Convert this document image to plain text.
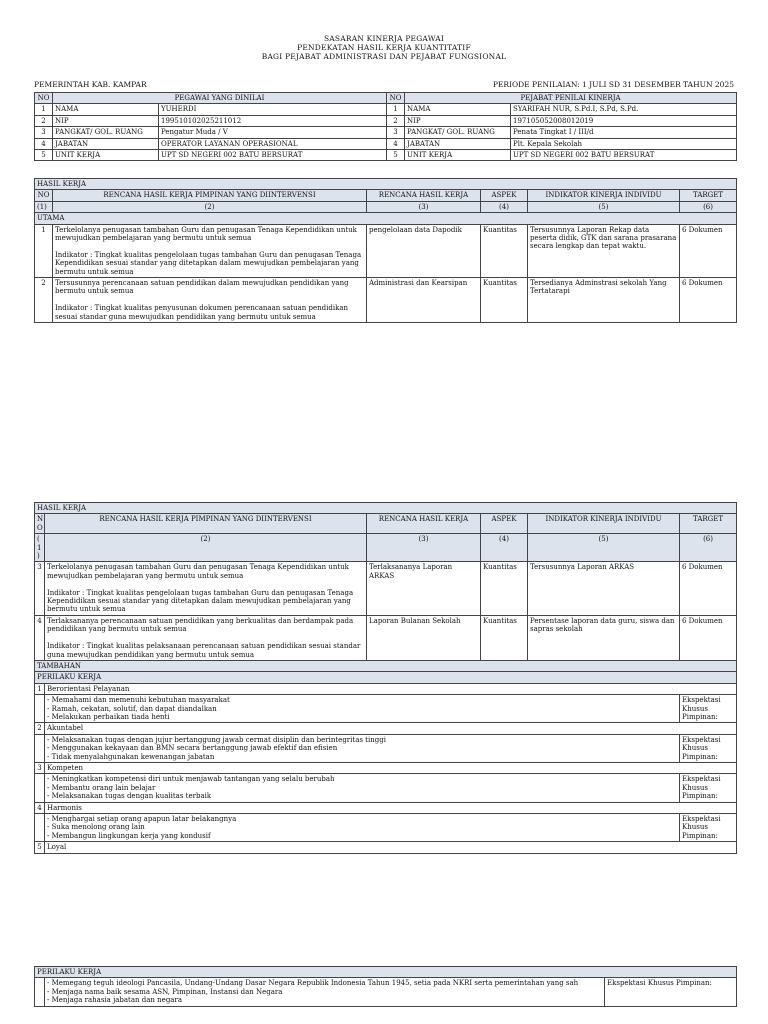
SASARAN KINERJA PEGAWAI
PENDEKATAN HASIL KERJA KUANTITATIF
BAGI PEJABAT ADMINISTRASI DAN PEJABAT FUNGSIONAL
PEMERINTAH KAB. KAMPAR	PERIODE PENILAIAN: 1 JULI SD 31 DESEMBER TAHUN 2025
NO	PEGAWAI YANG DINILAI		NO	PEJABAT PENILAI KINERJA	
1	NAMA	YUHERDI	1	NAMA	SYARIFAH NUR, S.Pd.I, S.Pd, S.Pd.
2	NIP	199510102025211012	2	NIP	197105052008012019
3	PANGKAT/ GOL. RUANG	Pengatur Muda / V	3	PANGKAT/ GOL. RUANG	Penata Tingkat I / III/d
4	JABATAN	OPERATOR LAYANAN OPERASIONAL	4	JABATAN	Plt. Kepala Sekolah
5	UNIT KERJA	UPT SD NEGERI 002 BATU BERSURAT	5	UNIT KERJA	UPT SD NEGERI 002 BATU BERSURAT
HASIL KERJA					
NO	RENCANA HASIL KERJA PIMPINAN YANG DIINTERVENSI	RENCANA HASIL KERJA	ASPEK	INDIKATOR KINERJA INDIVIDU	TARGET
(1)	(2)	(3)	(4)	(5)	(6)
UTAMA					
1	Terkelolanya penugasan tambahan Guru dan penugasan Tenaga Kependidikan untuk mewujudkan pembelajaran yang bermutu untuk semua

Indikator : Tingkat kualitas pengelolaan tugas tambahan Guru dan penugasan Tenaga Kependidikan sesuai standar yang ditetapkan dalam mewujudkan pembelajaran yang bermutu untuk semua	pengelolaan data Dapodik	Kuantitas	Tersusunnya Laporan Rekap data peserta didik, GTK dan sarana prasarana secara lengkap dan tepat waktu.	6 Dokumen
2	Tersusunnya perencanaan satuan pendidikan dalam mewujudkan pendidikan yang bermutu untuk semua

Indikator : Tingkat kualitas penyusunan dokumen perencanaan satuan pendidikan sesuai standar guna mewujudkan pendidikan yang bermutu untuk semua	Administrasi dan Kearsipan	Kuantitas	Tersedianya Adminstrasi sekolah Yang Tertatarapi	6 Dokumen
HASIL KERJA					
NO	RENCANA HASIL KERJA PIMPINAN YANG DIINTERVENSI	RENCANA HASIL KERJA	ASPEK	INDIKATOR KINERJA INDIVIDU	TARGET
(1)	(2)	(3)	(4)	(5)	(6)
3	Terkelolanya penugasan tambahan Guru dan penugasan Tenaga Kependidikan untuk mewujudkan pembelajaran yang bermutu untuk semua

Indikator : Tingkat kualitas pengelolaan tugas tambahan Guru dan penugasan Tenaga Kependidikan sesuai standar yang ditetapkan dalam mewujudkan pembelajaran yang bermutu untuk semua	Terlaksananya Laporan ARKAS	Kuantitas	Tersusunnya Laporan ARKAS	6 Dokumen
4	Terlaksananya perencanaan satuan pendidikan yang berkualitas dan berdampak pada pendidikan yang bermutu untuk semua

Indikator : Tingkat kualitas pelaksanaan perencanaan satuan pendidikan sesuai standar guna mewujudkan pendidikan yang bermutu untuk semua	Laporan Bulanan Sekolah	Kuantitas	Persentase laporan data guru, siswa dan sapras sekolah	6 Dokumen
TAMBAHAN					
PERILAKU KERJA					
1	Berorientasi Pelayanan				
	- Memahami dan memenuhi kebutuhan masyarakat
- Ramah, cekatan, solutif, dan dapat diandalkan
- Melakukan perbaikan tiada henti				Ekspektasi Khusus Pimpinan:
2	Akuntabel				
	- Melaksanakan tugas dengan jujur bertanggung jawab cermat disiplin dan berintegritas tinggi
- Menggunakan kekayaan dan BMN secara bertanggung jawab efektif dan efisien
- Tidak menyalahgunakan kewenangan jabatan				Ekspektasi Khusus Pimpinan:
3	Kompeten				
	- Meningkatkan kompetensi diri untuk menjawab tantangan yang selalu berubah
- Membantu orang lain belajar
- Melaksanakan tugas dengan kualitas terbaik				Ekspektasi Khusus Pimpinan:
4	Harmonis				
	- Menghargai setiap orang apapun latar belakangnya
- Suka menolong orang lain
- Membangun lingkungan kerja yang kondusif				Ekspektasi Khusus Pimpinan:
5	Loyal				
PERILAKU KERJA
	- Memegang teguh ideologi Pancasila, Undang-Undang Dasar Negara Republik Indonesia Tahun 1945, setia pada NKRI serta pemerintahan yang sah
- Menjaga nama baik sesama ASN, Pimpinan, Instansi dan Negara
- Menjaga rahasia jabatan dan negara	Ekspektasi Khusus Pimpinan:
